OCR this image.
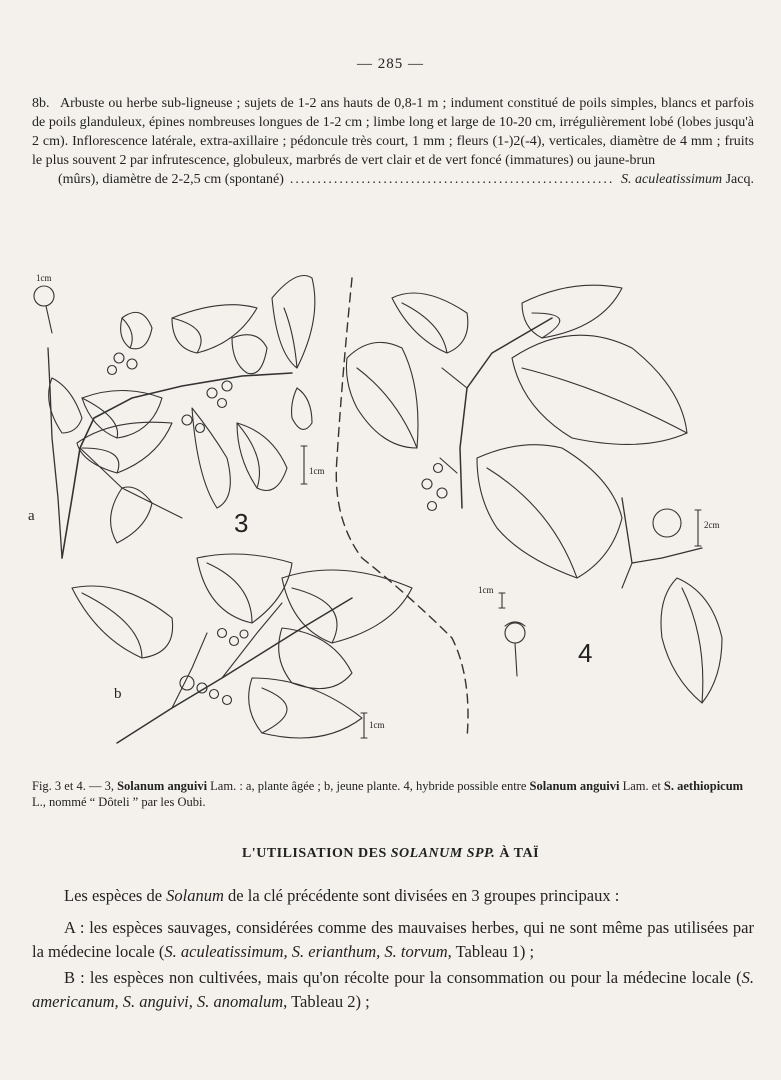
— 285 —
8b. Arbuste ou herbe sub-ligneuse ; sujets de 1-2 ans hauts de 0,8-1 m ; indument constitué de poils simples, blancs et parfois de poils glanduleux, épines nombreuses longues de 1-2 cm ; limbe long et large de 10-20 cm, irrégulièrement lobé (lobes jusqu'à 2 cm). Inflorescence latérale, extra-axillaire ; pédoncule très court, 1 mm ; fleurs (1-)2(-4), verticales, diamètre de 4 mm ; fruits le plus souvent 2 par infrutescence, globuleux, marbrés de vert clair et de vert foncé (immatures) ou jaune-brun
(mûrs), diamètre de 2-2,5 cm (spontané)
.....	S. aculeatissimum Jacq.
1cm
1cm
a	3
b
1cm
1cm
2cm
4
Fig. 3 et 4. — 3, Solanum anguivi Lam. : a, plante âgée ; b, jeune plante. 4, hybride possible entre Solanum anguivi Lam. et S. aethiopicum L., nommé “ Dôteli ” par les Oubi.
L'UTILISATION DES SOLANUM SPP. À TAÏ
Les espèces de Solanum de la clé précédente sont divisées en 3 groupes principaux :
A : les espèces sauvages, considérées comme des mauvaises herbes, qui ne sont même pas utilisées par la médecine locale (S. aculeatissimum, S. erianthum, S. torvum, Tableau 1) ;
B : les espèces non cultivées, mais qu'on récolte pour la consommation ou pour la médecine locale (S. americanum, S. anguivi, S. anomalum, Tableau 2) ;
